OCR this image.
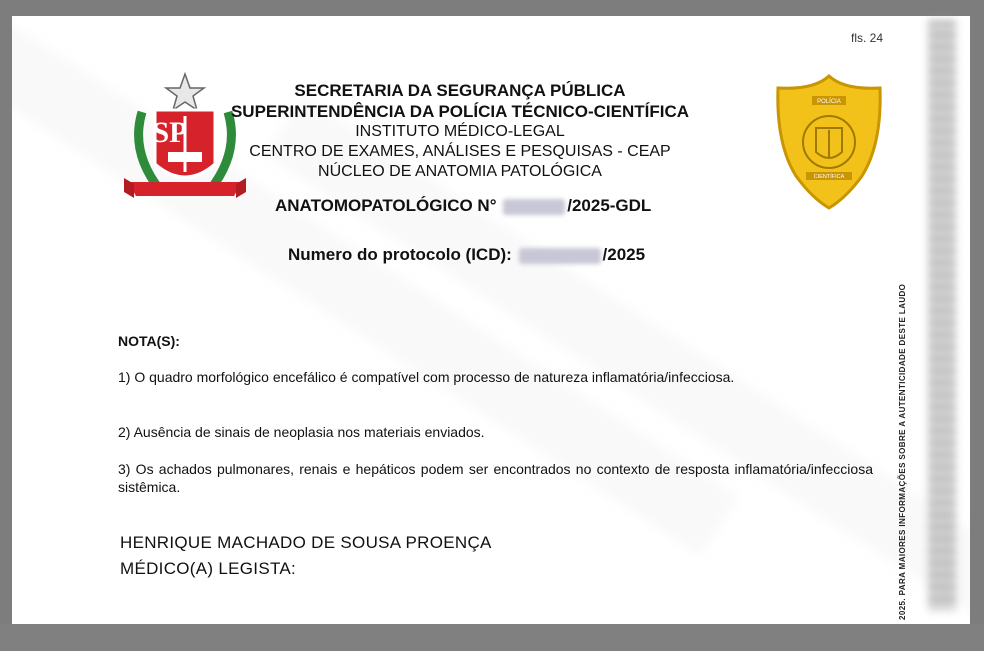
fls. 24
SP
SECRETARIA DA SEGURANÇA PÚBLICA
SUPERINTENDÊNCIA DA POLÍCIA TÉCNICO-CIENTÍFICA
INSTITUTO MÉDICO-LEGAL
CENTRO DE EXAMES, ANÁLISES E PESQUISAS - CEAP
NÚCLEO DE ANATOMIA PATOLÓGICA
POLÍCIA
CIENTÍFICA
ANATOMOPATOLÓGICO N°	/2025-GDL
Numero do protocolo (ICD):	/2025
NOTA(S):
1) O quadro morfológico encefálico é compatível com processo de natureza inflamatória/infecciosa.
2) Ausência de sinais de neoplasia nos materiais enviados.
3) Os achados pulmonares, renais e hepáticos podem ser encontrados no contexto de resposta inflamatória/infecciosa sistêmica.
HENRIQUE MACHADO DE SOUSA PROENÇA
MÉDICO(A) LEGISTA:	2025. PARA MAIORES INFORMAÇÕES SOBRE A AUTENTICIDADE DESTE LAUDO
